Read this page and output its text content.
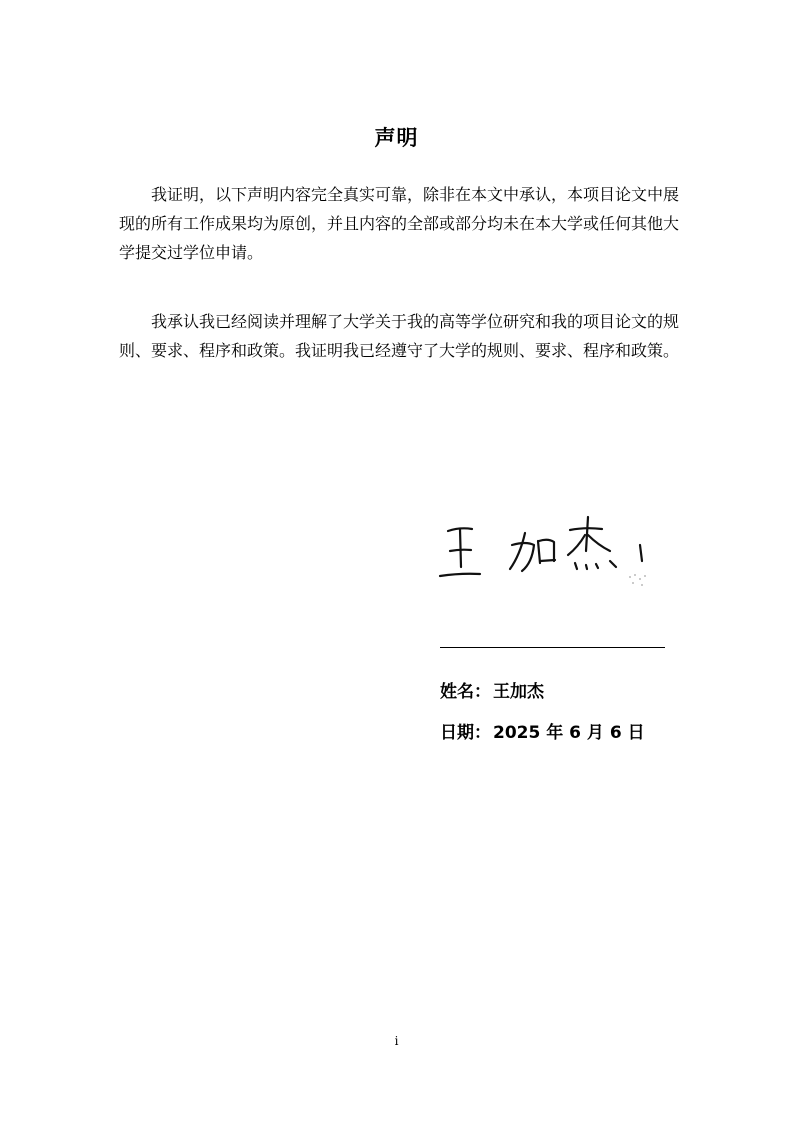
声明

我证明，以下声明内容完全真实可靠，除非在本文中承认，本项目论文中展现的所有工作成果均为原创，并且内容的全部或部分均未在本大学或任何其他大学提交过学位申请。

我承认我已经阅读并理解了大学关于我的高等学位研究和我的项目论文的规则、要求、程序和政策。我证明我已经遵守了大学的规则、要求、程序和政策。

姓名： 王加杰
日期： 2025 年 6 月 6 日
i
